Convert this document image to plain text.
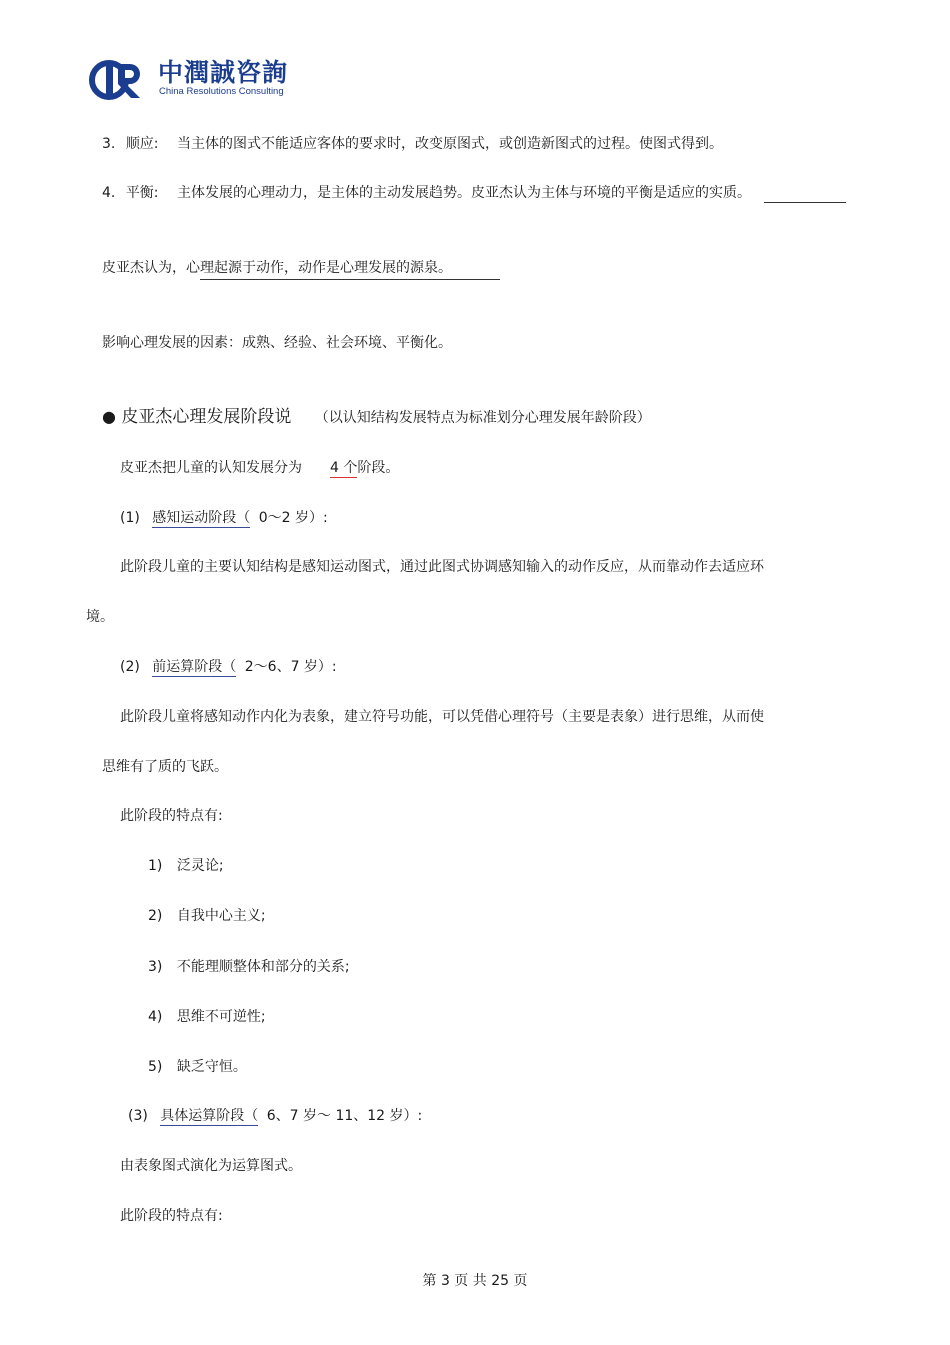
中潤誠咨詢
China Resolutions Consulting
3. 顺应: 当主体的图式不能适应客体的要求时，改变原图式，或创造新图式的过程。使图式得到。
4. 平衡: 主体发展的心理动力，是主体的主动发展趋势。皮亚杰认为主体与环境的平衡是适应的实质。
皮亚杰认为，心理起源于动作，动作是心理发展的源泉。
影响心理发展的因素：成熟、经验、社会环境、平衡化。
● 皮亚杰心理发展阶段说 （以认知结构发展特点为标准划分心理发展年龄阶段）
皮亚杰把儿童的认知发展分为 4 个阶段。
(1) 感知运动阶段（ 0～2 岁）:
此阶段儿童的主要认知结构是感知运动图式，通过此图式协调感知输入的动作反应，从而靠动作去适应环
境。
(2) 前运算阶段（ 2～6、7 岁）:
此阶段儿童将感知动作内化为表象，建立符号功能，可以凭借心理符号（主要是表象）进行思维，从而使
思维有了质的飞跃。
此阶段的特点有:
1) 泛灵论;
2) 自我中心主义;
3) 不能理顺整体和部分的关系;
4) 思维不可逆性;
5) 缺乏守恒。
(3) 具体运算阶段（ 6、7 岁～ 11、12 岁）:
由表象图式演化为运算图式。
此阶段的特点有:
第 3 页 共 25 页
